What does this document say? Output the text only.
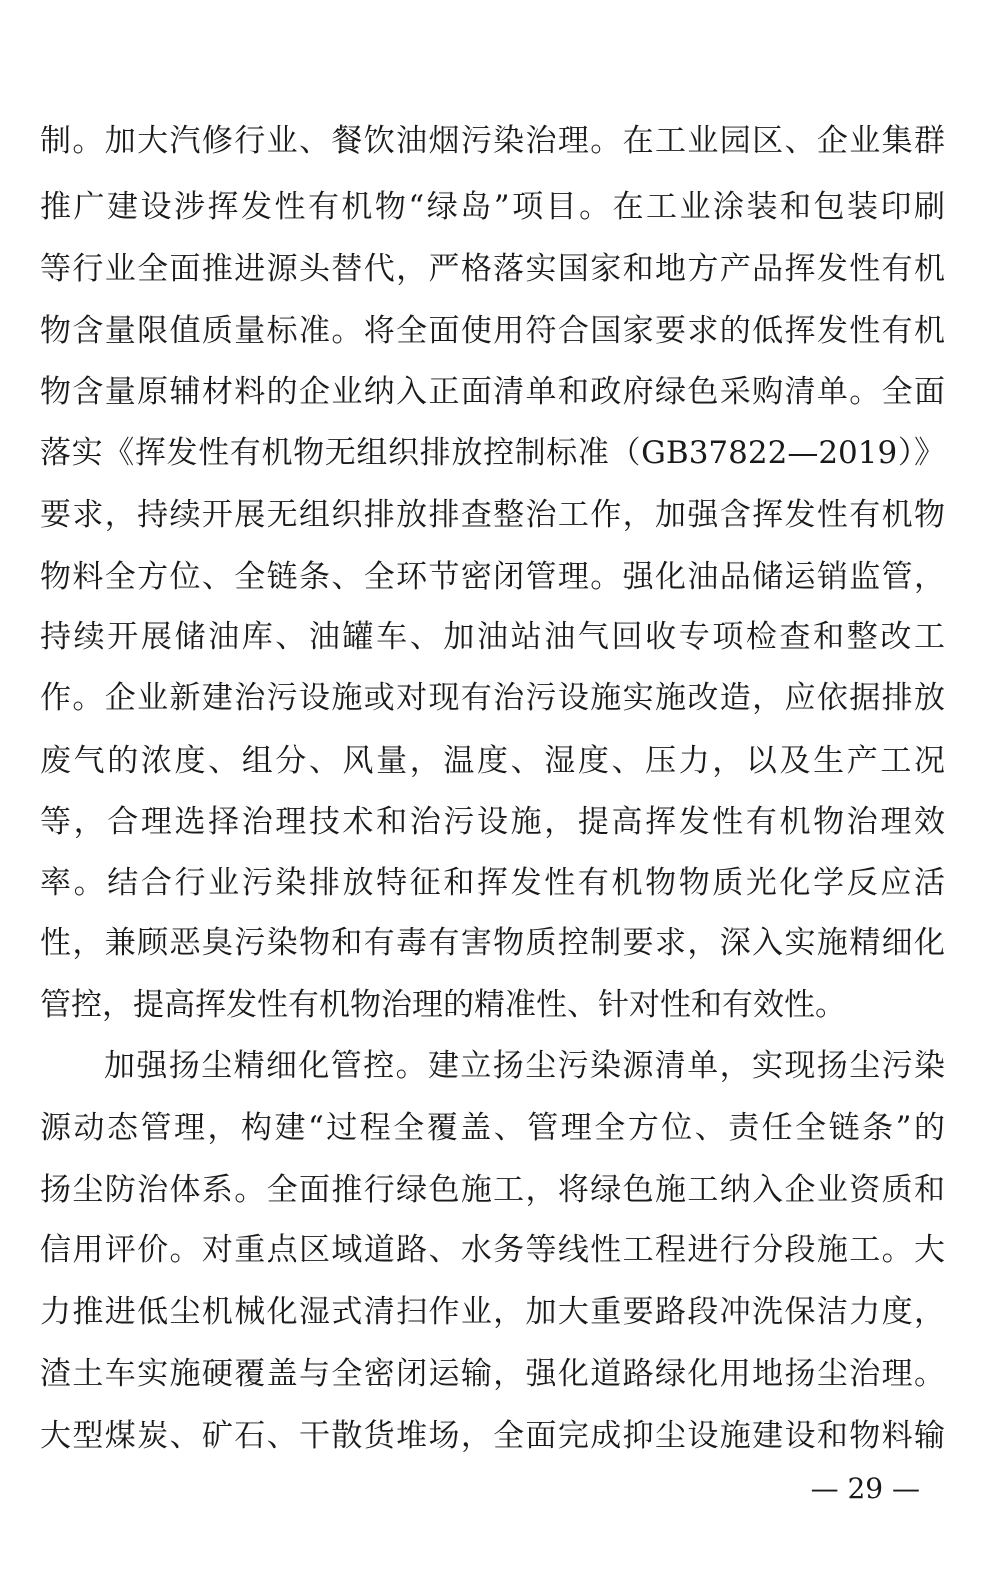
制。加大汽修行业、餐饮油烟污染治理。在工业园区、企业集群
推广建设涉挥发性有机物“绿岛”项目。在工业涂装和包装印刷
等行业全面推进源头替代，严格落实国家和地方产品挥发性有机
物含量限值质量标准。将全面使用符合国家要求的低挥发性有机
物含量原辅材料的企业纳入正面清单和政府绿色采购清单。全面
落实《挥发性有机物无组织排放控制标准（GB37822—2019）》
要求，持续开展无组织排放排查整治工作，加强含挥发性有机物
物料全方位、全链条、全环节密闭管理。强化油品储运销监管，
持续开展储油库、油罐车、加油站油气回收专项检查和整改工
作。企业新建治污设施或对现有治污设施实施改造，应依据排放
废气的浓度、组分、风量，温度、湿度、压力，以及生产工况
等，合理选择治理技术和治污设施，提高挥发性有机物治理效
率。结合行业污染排放特征和挥发性有机物物质光化学反应活
性，兼顾恶臭污染物和有毒有害物质控制要求，深入实施精细化
管控，提高挥发性有机物治理的精准性、针对性和有效性。
加强扬尘精细化管控。建立扬尘污染源清单，实现扬尘污染
源动态管理，构建“过程全覆盖、管理全方位、责任全链条”的
扬尘防治体系。全面推行绿色施工，将绿色施工纳入企业资质和
信用评价。对重点区域道路、水务等线性工程进行分段施工。大
力推进低尘机械化湿式清扫作业，加大重要路段冲洗保洁力度，
渣土车实施硬覆盖与全密闭运输，强化道路绿化用地扬尘治理。
大型煤炭、矿石、干散货堆场，全面完成抑尘设施建设和物料输
— 29 —
